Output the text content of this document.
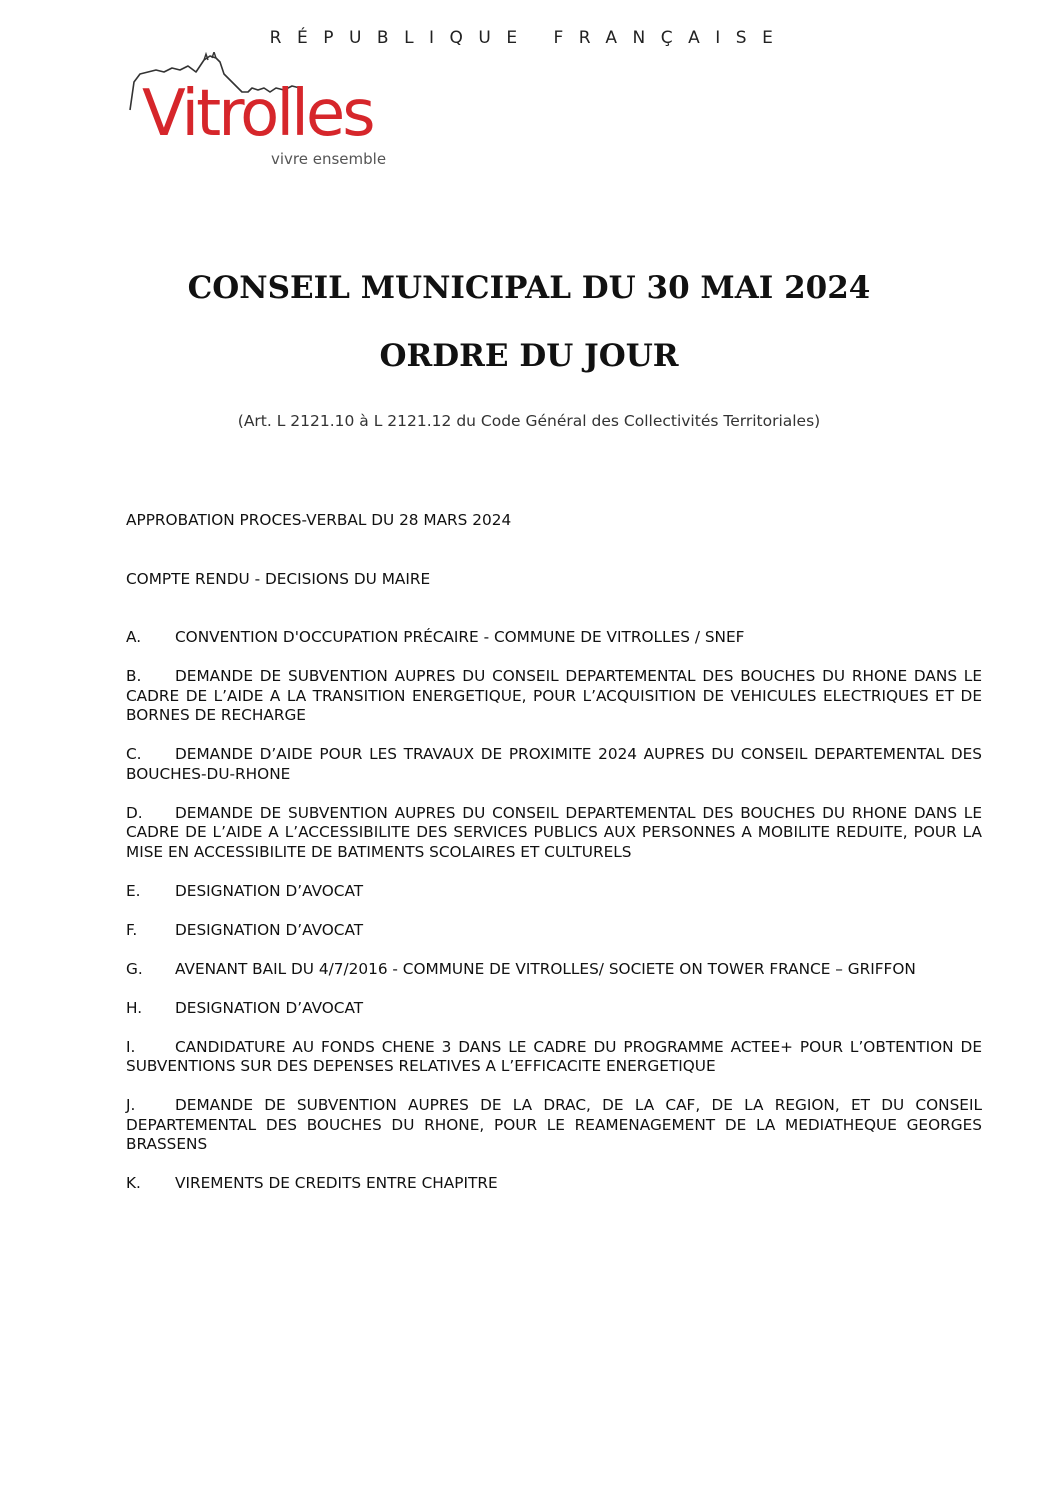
RÉPUBLIQUE FRANÇAISE
Vitrolles
vivre ensemble
CONSEIL MUNICIPAL DU 30 MAI 2024
ORDRE DU JOUR
(Art. L 2121.10 à L 2121.12 du Code Général des Collectivités Territoriales)

APPROBATION PROCES-VERBAL DU 28 MARS 2024

COMPTE RENDU - DECISIONS DU MAIRE

A. CONVENTION D'OCCUPATION PRÉCAIRE - COMMUNE DE VITROLLES / SNEF

B. DEMANDE DE SUBVENTION AUPRES DU CONSEIL DEPARTEMENTAL DES BOUCHES DU RHONE DANS LE CADRE DE L’AIDE A LA TRANSITION ENERGETIQUE, POUR L’ACQUISITION DE VEHICULES ELECTRIQUES ET DE BORNES DE RECHARGE

C. DEMANDE D’AIDE POUR LES TRAVAUX DE PROXIMITE 2024 AUPRES DU CONSEIL DEPARTEMENTAL DES BOUCHES-DU-RHONE

D. DEMANDE DE SUBVENTION AUPRES DU CONSEIL DEPARTEMENTAL DES BOUCHES DU RHONE DANS LE CADRE DE L’AIDE A L’ACCESSIBILITE DES SERVICES PUBLICS AUX PERSONNES A MOBILITE REDUITE, POUR LA MISE EN ACCESSIBILITE DE BATIMENTS SCOLAIRES ET CULTURELS

E. DESIGNATION D’AVOCAT

F. DESIGNATION D’AVOCAT

G. AVENANT BAIL DU 4/7/2016 - COMMUNE DE VITROLLES/ SOCIETE ON TOWER FRANCE – GRIFFON

H. DESIGNATION D’AVOCAT

I.	CANDIDATURE AU FONDS CHENE 3 DANS LE CADRE DU PROGRAMME ACTEE+ POUR L’OBTENTION DE SUBVENTIONS SUR DES DEPENSES RELATIVES A L’EFFICACITE ENERGETIQUE

J.	DEMANDE DE SUBVENTION AUPRES DE LA DRAC, DE LA CAF, DE LA REGION, ET DU CONSEIL DEPARTEMENTAL DES BOUCHES DU RHONE, POUR LE REAMENAGEMENT DE LA MEDIATHEQUE GEORGES BRASSENS

K. VIREMENTS DE CREDITS ENTRE CHAPITRE
